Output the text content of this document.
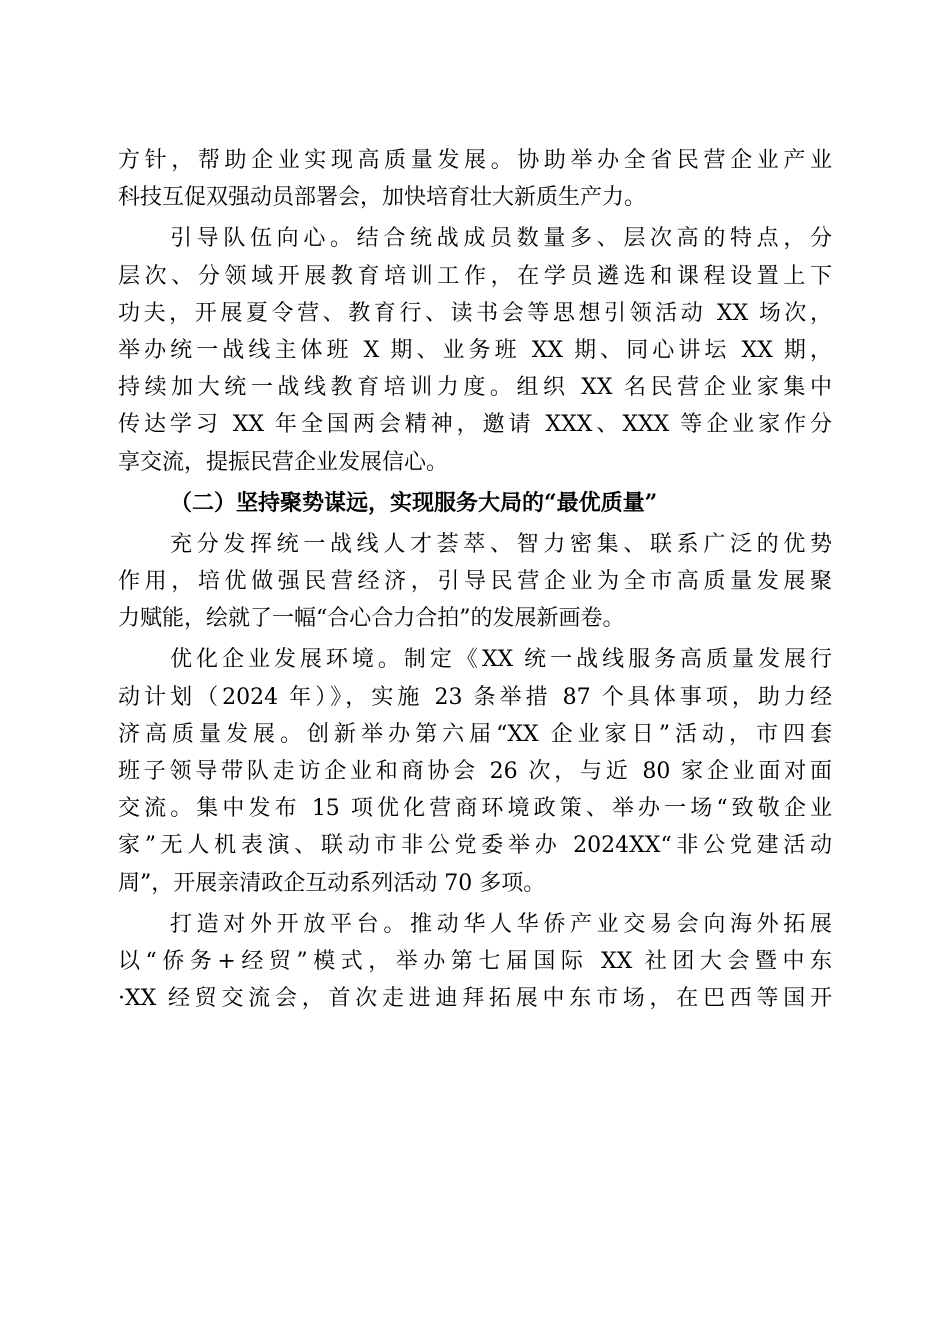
方针，帮助企业实现高质量发展。协助举办全省民营企业产业
科技互促双强动员部署会，加快培育壮大新质生产力。
引导队伍向心。结合统战成员数量多、层次高的特点，分
层次、分领域开展教育培训工作，在学员遴选和课程设置上下
功夫，开展夏令营、教育行、读书会等思想引领活动 XX 场次，
举办统一战线主体班 X 期、业务班 XX 期、同心讲坛 XX 期，
持续加大统一战线教育培训力度。组织 XX 名民营企业家集中
传达学习 XX 年全国两会精神，邀请 XXX、XXX 等企业家作分
享交流，提振民营企业发展信心。
（二）坚持聚势谋远，实现服务大局的“最优质量”
充分发挥统一战线人才荟萃、智力密集、联系广泛的优势
作用，培优做强民营经济，引导民营企业为全市高质量发展聚
力赋能，绘就了一幅“合心合力合拍”的发展新画卷。
优化企业发展环境。制定《XX 统一战线服务高质量发展行
动计划（2024 年）》，实施 23 条举措 87 个具体事项，助力经
济高质量发展。创新举办第六届“XX 企业家日”活动，市四套
班子领导带队走访企业和商协会 26 次，与近 80 家企业面对面
交流。集中发布 15 项优化营商环境政策、举办一场“致敬企业
家”无人机表演、联动市非公党委举办 2024XX“非公党建活动
周”，开展亲清政企互动系列活动 70 多项。
打造对外开放平台。推动华人华侨产业交易会向海外拓展
以“侨务+经贸”模式，举办第七届国际 XX 社团大会暨中东
·XX 经贸交流会，首次走进迪拜拓展中东市场，在巴西等国开
